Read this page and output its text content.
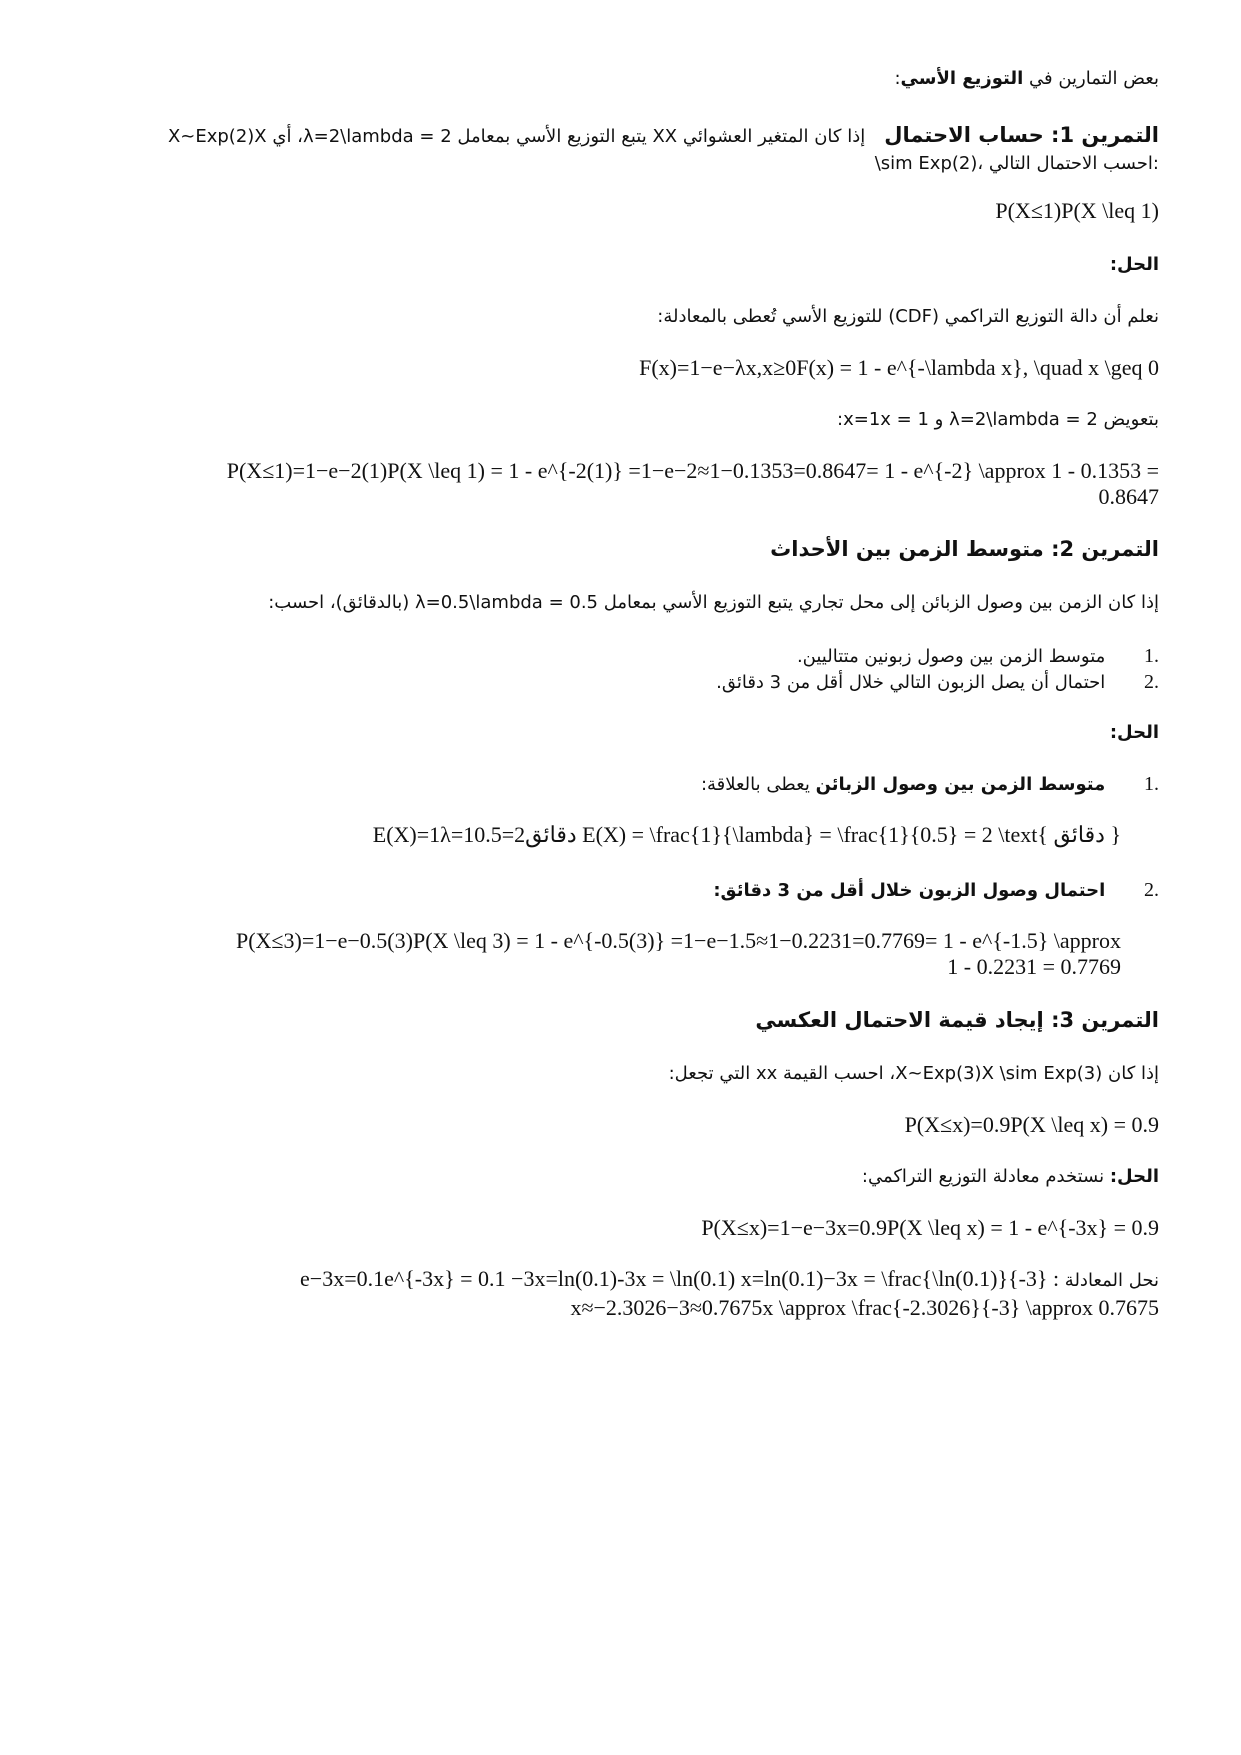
بعض التمارين في التوزيع الأسي:
التمرين 1: حساب الاحتمال إذا كان المتغير العشوائي XX يتبع التوزيع الأسي بمعامل λ=2\lambda = 2، أي X~Exp(2)X
\sim Exp(2)، احسب الاحتمال التالي:
P(X≤1)P(X \leq 1)
الحل:
نعلم أن دالة التوزيع التراكمي (CDF) للتوزيع الأسي تُعطى بالمعادلة:
F(x)=1−e−λx,x≥0F(x) = 1 - e^{-\lambda x}, \quad x \geq 0
بتعويض λ=2\lambda = 2 و x=1x = 1:
P(X≤1)=1−e−2(1)P(X \leq 1) = 1 - e^{-2(1)} =1−e−2≈1−0.1353=0.8647= 1 - e^{-2} \approx 1 - 0.1353 =
0.8647
التمرين 2: متوسط الزمن بين الأحداث
إذا كان الزمن بين وصول الزبائن إلى محل تجاري يتبع التوزيع الأسي بمعامل λ=0.5\lambda = 0.5 (بالدقائق)، احسب:
.1 متوسط الزمن بين وصول زبونين متتاليين.
.2 احتمال أن يصل الزبون التالي خلال أقل من 3 دقائق.
الحل:
.1 متوسط الزمن بين وصول الزبائن يعطى بالعلاقة:
E(X)=1λ=10.5=2دقائق E(X) = \frac{1}{\lambda} = \frac{1}{0.5} = 2 \text{ دقائق }
.2 احتمال وصول الزبون خلال أقل من 3 دقائق:
P(X≤3)=1−e−0.5(3)P(X \leq 3) = 1 - e^{-0.5(3)} =1−e−1.5≈1−0.2231=0.7769= 1 - e^{-1.5} \approx
1 - 0.2231 = 0.7769
التمرين 3: إيجاد قيمة الاحتمال العكسي
إذا كان X~Exp(3)X \sim Exp(3)، احسب القيمة xx التي تجعل:
P(X≤x)=0.9P(X \leq x) = 0.9
الحل: نستخدم معادلة التوزيع التراكمي:
P(X≤x)=1−e−3x=0.9P(X \leq x) = 1 - e^{-3x} = 0.9
نحل المعادلة e−3x=0.1e^{-3x} = 0.1 −3x=ln(0.1)-3x = \ln(0.1) x=ln(0.1)−3x = \frac{\ln(0.1)}{-3} :
x≈−2.3026−3≈0.7675x \approx \frac{-2.3026}{-3} \approx 0.7675
